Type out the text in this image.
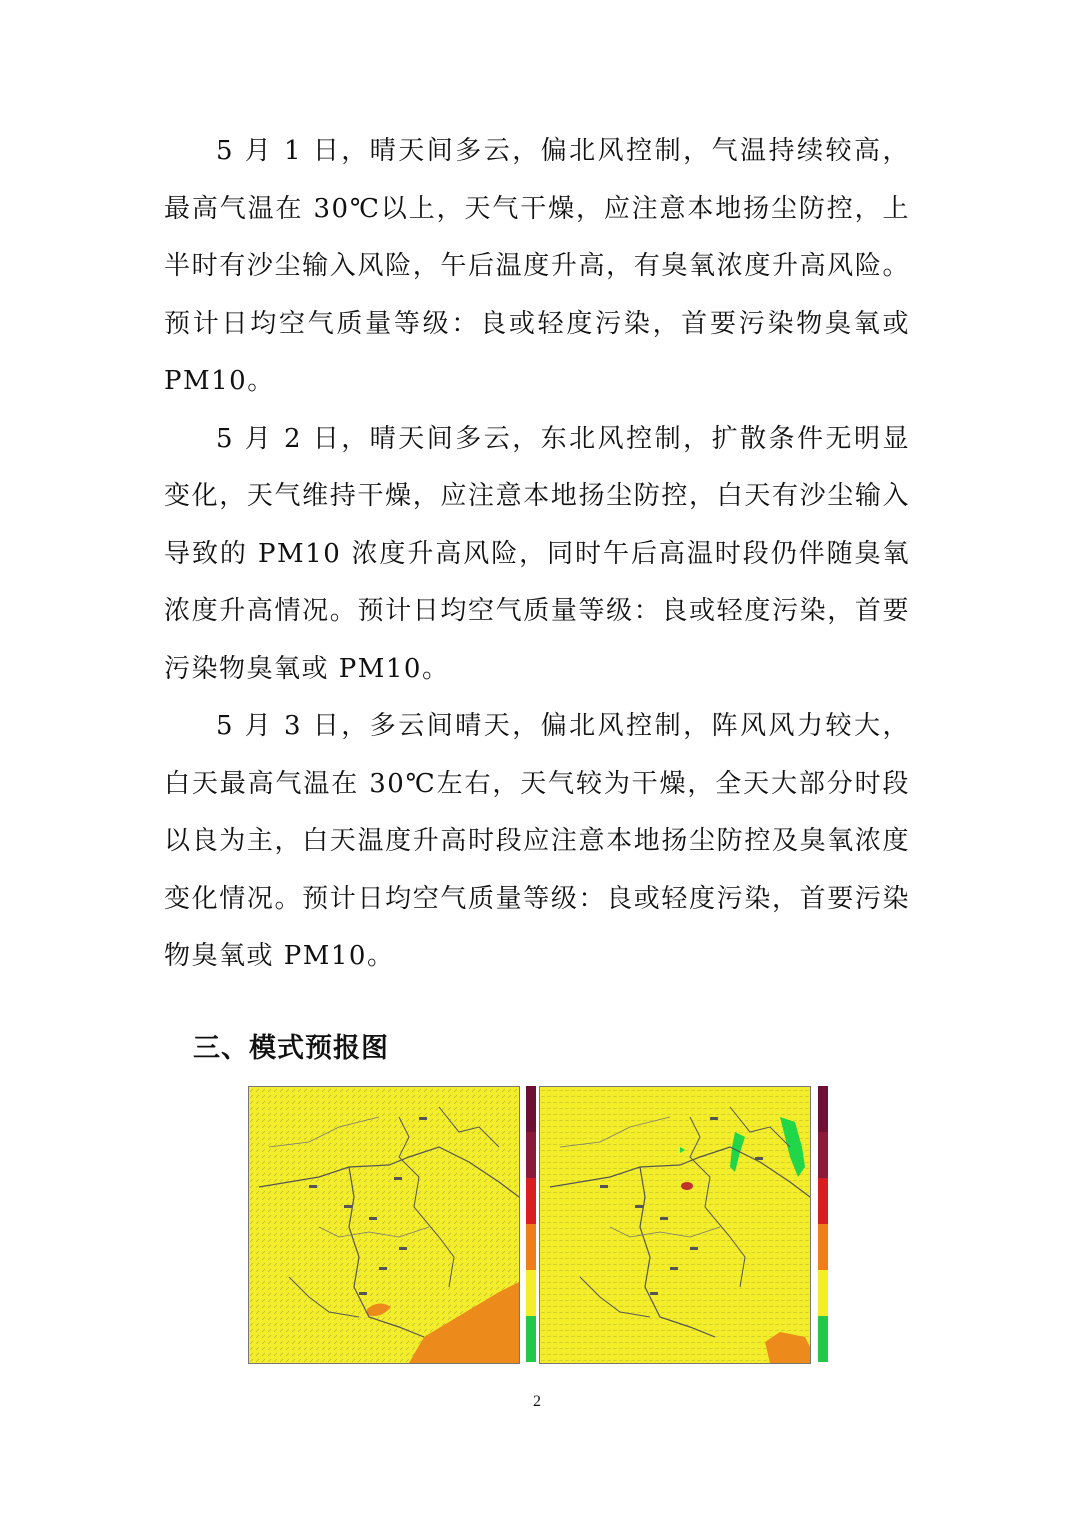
5 月 1 日，晴天间多云，偏北风控制，气温持续较高，最高气温在 30℃以上，天气干燥，应注意本地扬尘防控，上半时有沙尘输入风险，午后温度升高，有臭氧浓度升高风险。预计日均空气质量等级：良或轻度污染，首要污染物臭氧或 PM10。

5 月 2 日，晴天间多云，东北风控制，扩散条件无明显变化，天气维持干燥，应注意本地扬尘防控，白天有沙尘输入导致的 PM10 浓度升高风险，同时午后高温时段仍伴随臭氧浓度升高情况。预计日均空气质量等级：良或轻度污染，首要污染物臭氧或 PM10。

5 月 3 日，多云间晴天，偏北风控制，阵风风力较大，白天最高气温在 30℃左右，天气较为干燥，全天大部分时段以良为主，白天温度升高时段应注意本地扬尘防控及臭氧浓度变化情况。预计日均空气质量等级：良或轻度污染，首要污染物臭氧或 PM10。

三、模式预报图
2
